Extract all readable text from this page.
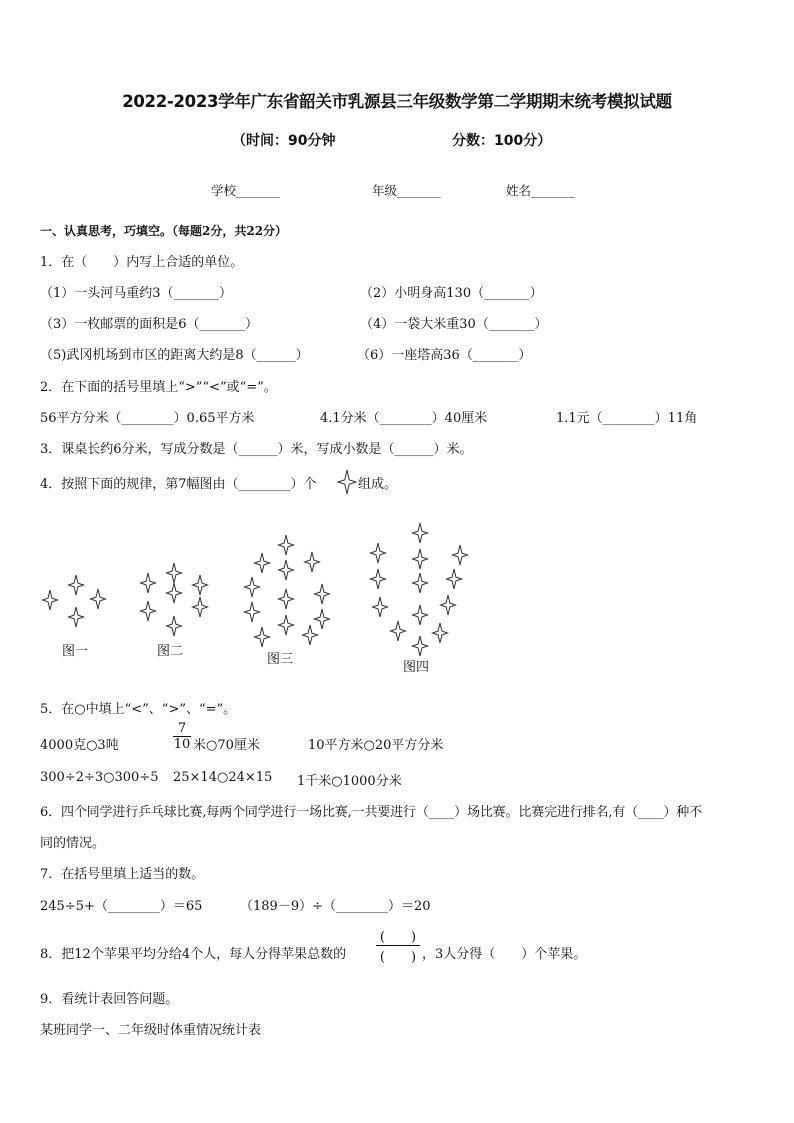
2022-2023学年广东省韶关市乳源县三年级数学第二学期期末统考模拟试题
（时间：90分钟	分数：100分）
学校_______	年级_______	姓名_______
一、认真思考，巧填空。（每题2分，共22分）
1．在（　　）内写上合适的单位。
（1）一头河马重约3（_______）	（2）小明身高130（_______）
（3）一枚邮票的面积是6（_______）	（4）一袋大米重30（_______）
（5)武冈机场到市区的距离大约是8（______）	（6）一座塔高36（_______）
2．在下面的括号里填上“>”“<”或“=”。
56平方分米（________）0.65平方米	4.1分米（________）40厘米	1.1元（________）11角
3．课桌长约6分米，写成分数是（______）米，写成小数是（______）米。
4．按照下面的规律，第7幅图由（________）个	组成。
图一	图二
图三
图四
5．在○中填上“<”、“>”、“=”。
4000克○3吨
7
10 米○70厘米	10平方米○20平方分米
300÷2÷3○300÷5 25×14○24×15 1千米○1000分米
6．四个同学进行乒乓球比赛,每两个同学进行一场比赛,一共要进行（____）场比赛。比赛完进行排名,有（____）种不
同的情况。
7．在括号里填上适当的数。
245÷5+（________）＝65	（189－9）÷（________）＝20
8．把12个苹果平均分给4个人，每人分得苹果总数的
(　　)
(　　) ，3人分得（　　）个苹果。
9．看统计表回答问题。
某班同学一、二年级时体重情况统计表
